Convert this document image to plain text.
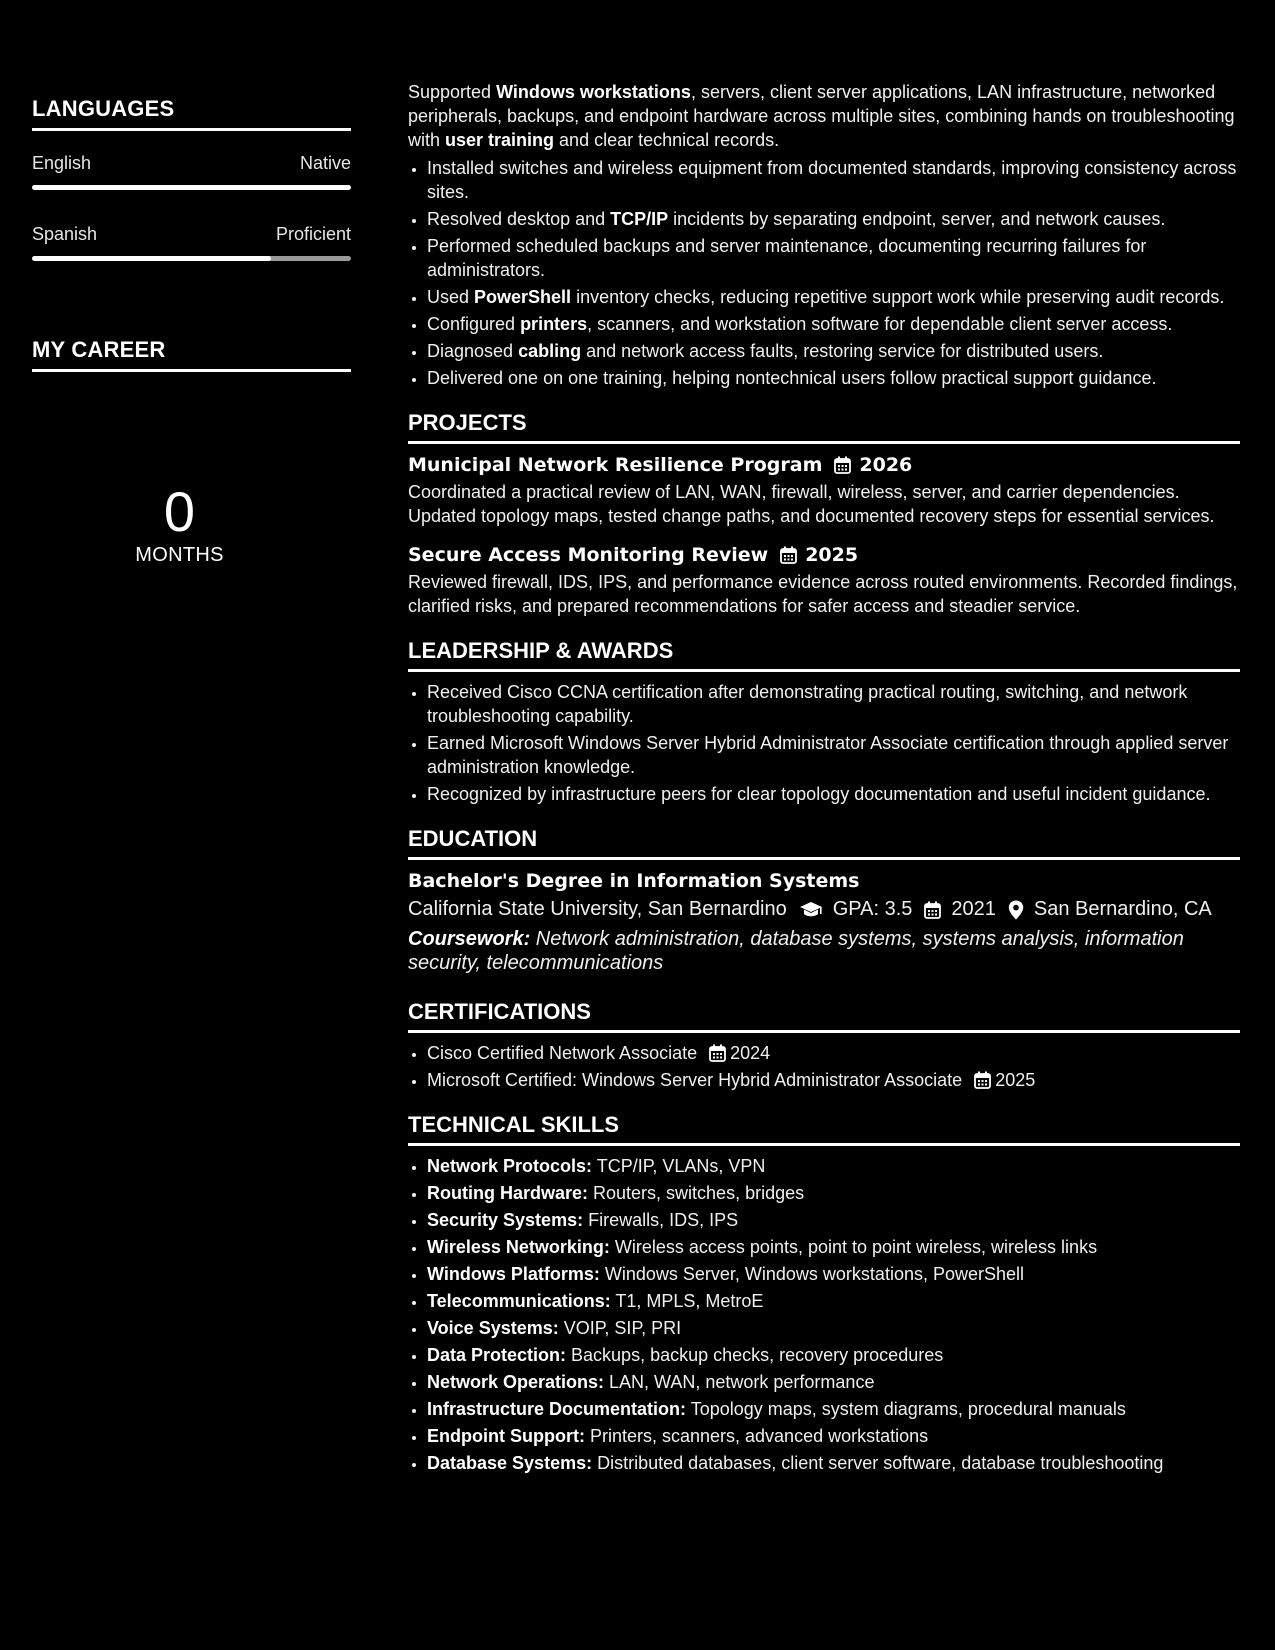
LANGUAGES
English	Native
Spanish	Proficient
MY CAREER
0
MONTHS

Supported Windows workstations, servers, client server applications, LAN infrastructure, networked peripherals, backups, and endpoint hardware across multiple sites, combining hands on troubleshooting with user training and clear technical records.

• Installed switches and wireless equipment from documented standards, improving consistency across sites.
• Resolved desktop and TCP/IP incidents by separating endpoint, server, and network causes.
• Performed scheduled backups and server maintenance, documenting recurring failures for administrators.
• Used PowerShell inventory checks, reducing repetitive support work while preserving audit records.
• Configured printers, scanners, and workstation software for dependable client server access.
• Diagnosed cabling and network access faults, restoring service for distributed users.
• Delivered one on one training, helping nontechnical users follow practical support guidance.
PROJECTS
Municipal Network Resilience Program 2026
Coordinated a practical review of LAN, WAN, firewall, wireless, server, and carrier dependencies. Updated topology maps, tested change paths, and documented recovery steps for essential services.
Secure Access Monitoring Review 2025
Reviewed firewall, IDS, IPS, and performance evidence across routed environments. Recorded findings, clarified risks, and prepared recommendations for safer access and steadier service.
LEADERSHIP & AWARDS
• Received Cisco CCNA certification after demonstrating practical routing, switching, and network troubleshooting capability.
• Earned Microsoft Windows Server Hybrid Administrator Associate certification through applied server administration knowledge.
• Recognized by infrastructure peers for clear topology documentation and useful incident guidance.
EDUCATION
Bachelor's Degree in Information Systems
California State University, San Bernardino GPA: 3.5 2021 San Bernardino, CA
Coursework: Network administration, database systems, systems analysis, information security, telecommunications
CERTIFICATIONS
• Cisco Certified Network Associate 2024
• Microsoft Certified: Windows Server Hybrid Administrator Associate 2025
TECHNICAL SKILLS
• Network Protocols: TCP/IP, VLANs, VPN
• Routing Hardware: Routers, switches, bridges
• Security Systems: Firewalls, IDS, IPS
• Wireless Networking: Wireless access points, point to point wireless, wireless links
• Windows Platforms: Windows Server, Windows workstations, PowerShell
• Telecommunications: T1, MPLS, MetroE
• Voice Systems: VOIP, SIP, PRI
• Data Protection: Backups, backup checks, recovery procedures
• Network Operations: LAN, WAN, network performance
• Infrastructure Documentation: Topology maps, system diagrams, procedural manuals
• Endpoint Support: Printers, scanners, advanced workstations
• Database Systems: Distributed databases, client server software, database troubleshooting
